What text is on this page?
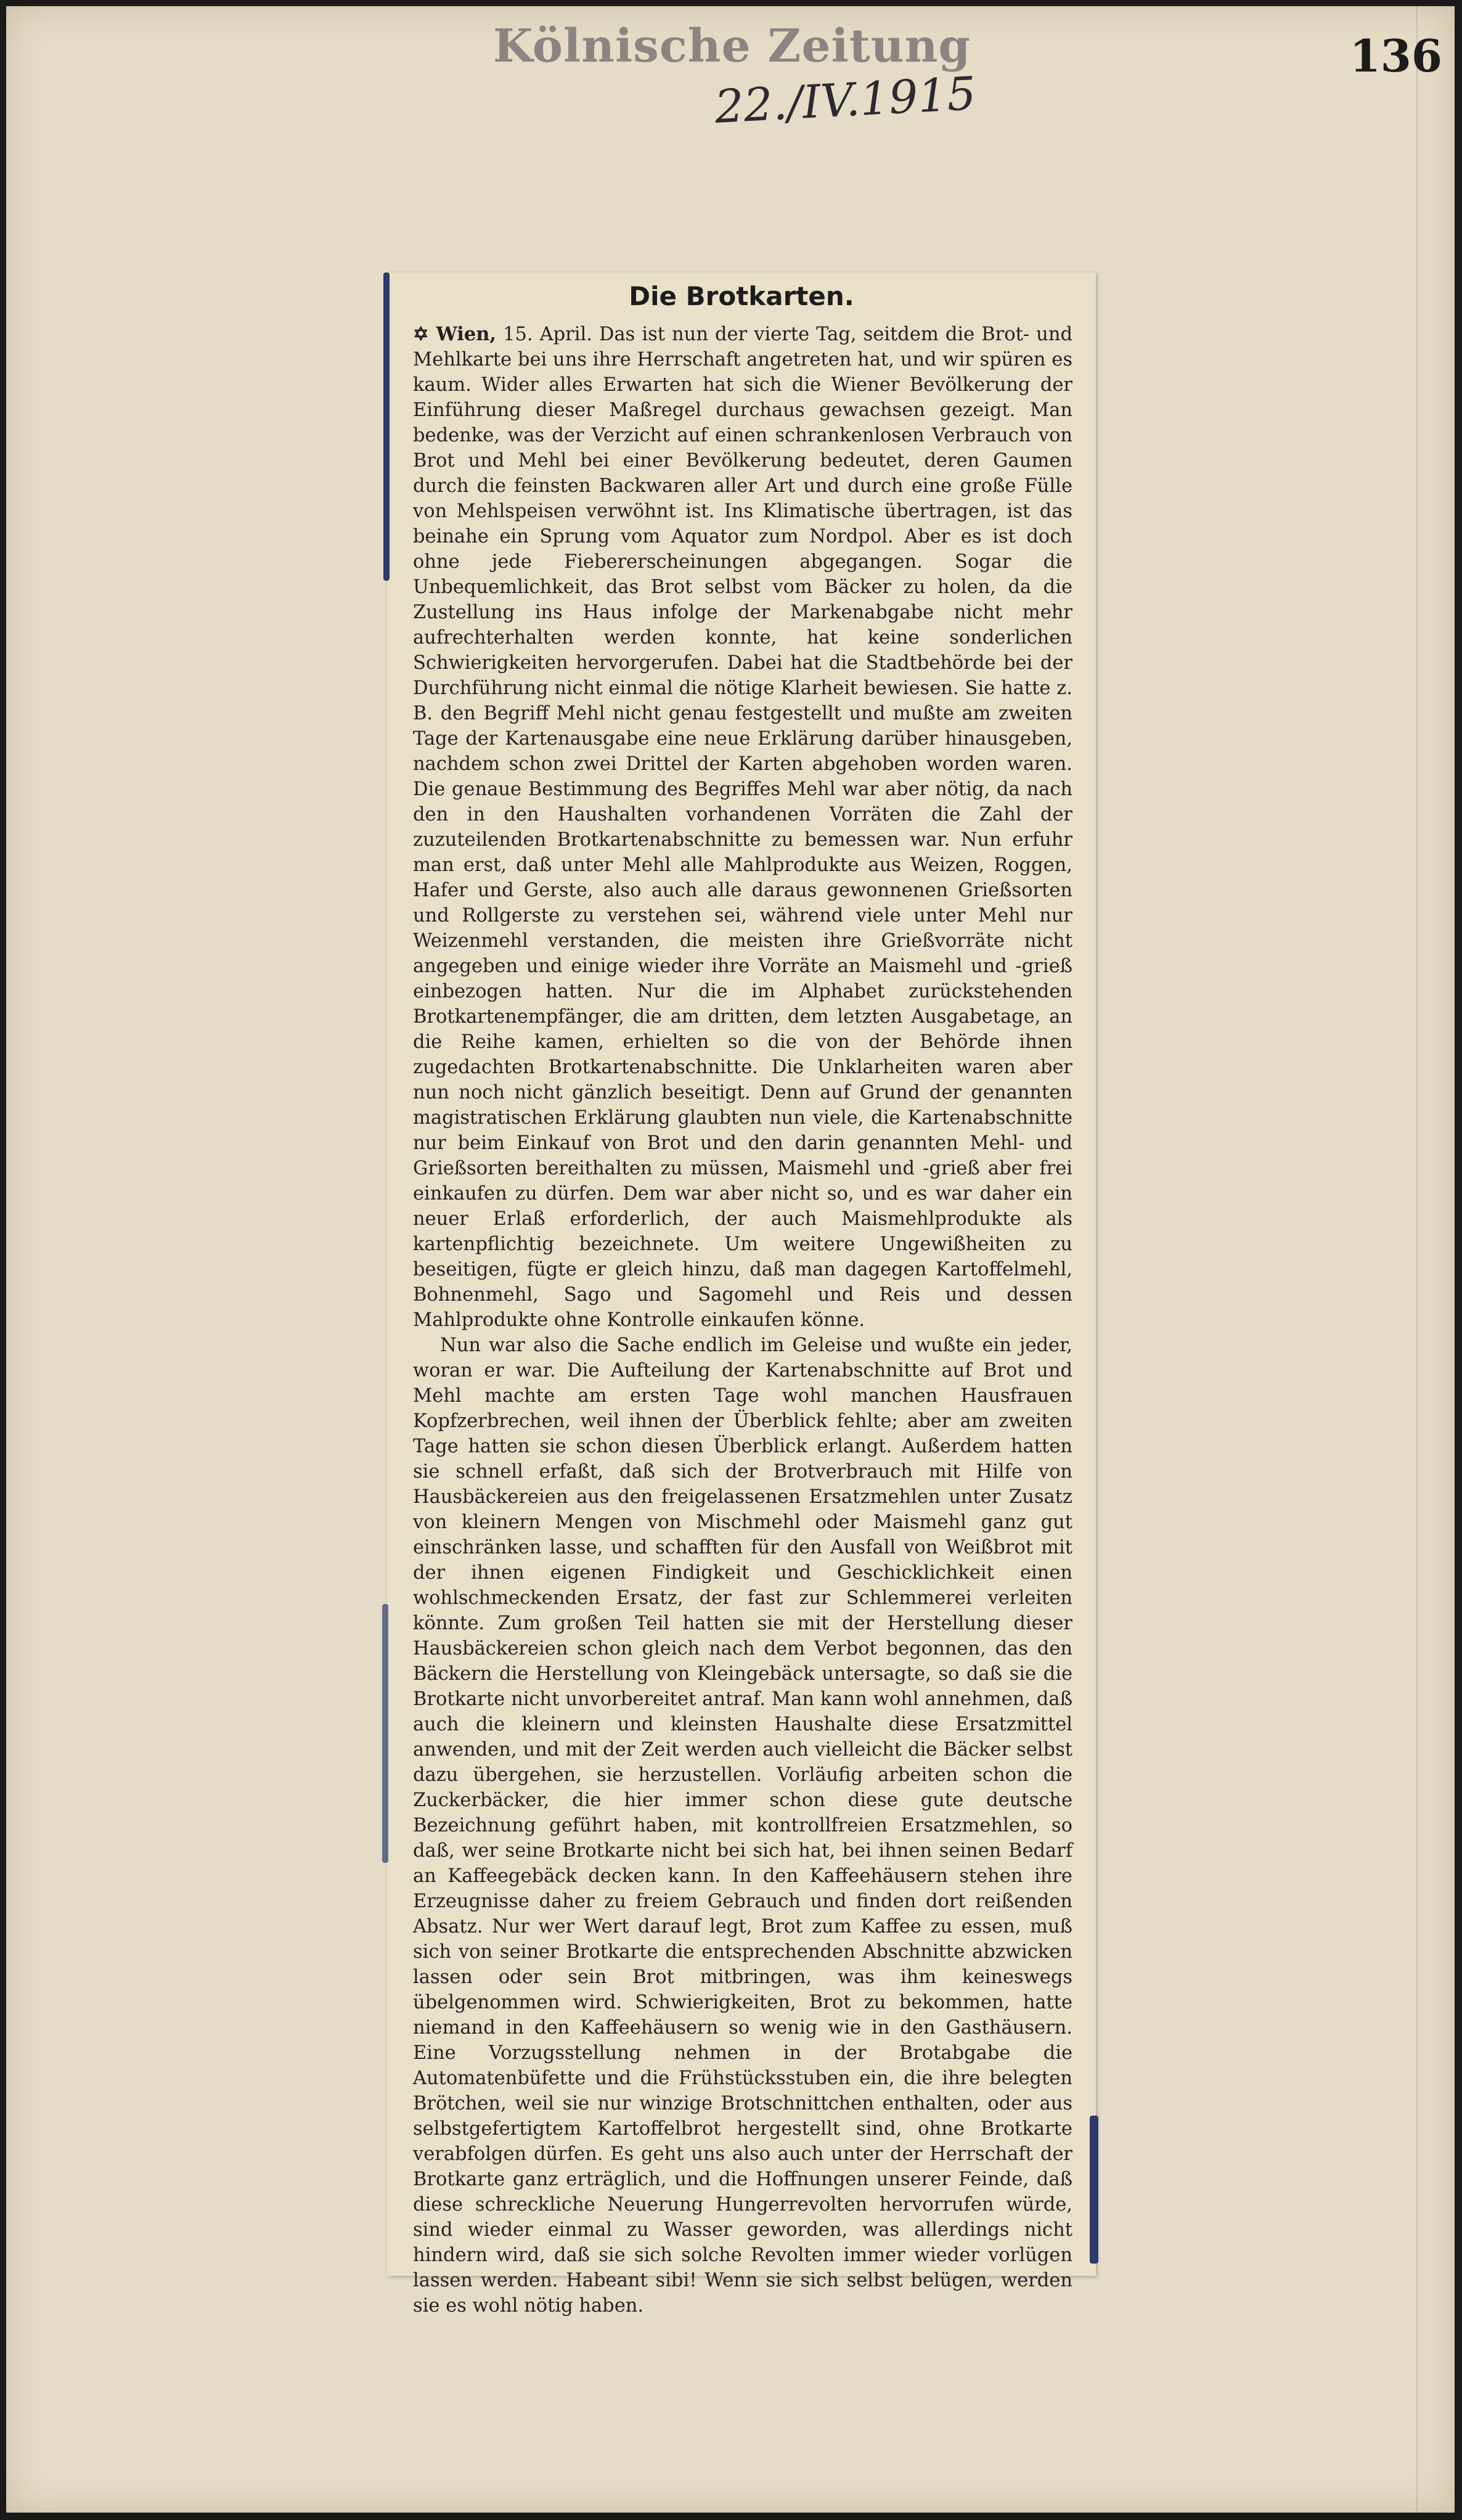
Kölnische Zeitung
22./IV.1915
136
Die Brotkarten.

✡ Wien, 15. April. Das ist nun der vierte Tag, seitdem die Brot- und Mehlkarte bei uns ihre Herrschaft angetreten hat, und wir spüren es kaum. Wider alles Erwarten hat sich die Wiener Bevölkerung der Einführung dieser Maßregel durchaus gewachsen gezeigt. Man bedenke, was der Verzicht auf einen schrankenlosen Verbrauch von Brot und Mehl bei einer Bevölkerung bedeutet, deren Gaumen durch die feinsten Backwaren aller Art und durch eine große Fülle von Mehlspeisen verwöhnt ist. Ins Klimatische übertragen, ist das beinahe ein Sprung vom Aquator zum Nordpol. Aber es ist doch ohne jede Fiebererscheinungen abgegangen. Sogar die Unbequemlichkeit, das Brot selbst vom Bäcker zu holen, da die Zustellung ins Haus infolge der Markenabgabe nicht mehr aufrechterhalten werden konnte, hat keine sonderlichen Schwierigkeiten hervorgerufen. Dabei hat die Stadtbehörde bei der Durchführung nicht einmal die nötige Klarheit bewiesen. Sie hatte z. B. den Begriff Mehl nicht genau festgestellt und mußte am zweiten Tage der Kartenausgabe eine neue Erklärung darüber hinausgeben, nachdem schon zwei Drittel der Karten abgehoben worden waren. Die genaue Bestimmung des Begriffes Mehl war aber nötig, da nach den in den Haushalten vorhandenen Vorräten die Zahl der zuzuteilenden Brotkartenabschnitte zu bemessen war. Nun erfuhr man erst, daß unter Mehl alle Mahlprodukte aus Weizen, Roggen, Hafer und Gerste, also auch alle daraus gewonnenen Grießsorten und Rollgerste zu verstehen sei, während viele unter Mehl nur Weizenmehl verstanden, die meisten ihre Grießvorräte nicht angegeben und einige wieder ihre Vorräte an Maismehl und -grieß einbezogen hatten. Nur die im Alphabet zurückstehenden Brotkartenempfänger, die am dritten, dem letzten Ausgabetage, an die Reihe kamen, erhielten so die von der Behörde ihnen zugedachten Brotkartenabschnitte. Die Unklarheiten waren aber nun noch nicht gänzlich beseitigt. Denn auf Grund der genannten magistratischen Erklärung glaubten nun viele, die Kartenabschnitte nur beim Einkauf von Brot und den darin genannten Mehl- und Grießsorten bereithalten zu müssen, Maismehl und -grieß aber frei einkaufen zu dürfen. Dem war aber nicht so, und es war daher ein neuer Erlaß erforderlich, der auch Maismehlprodukte als kartenpflichtig bezeichnete. Um weitere Ungewißheiten zu beseitigen, fügte er gleich hinzu, daß man dagegen Kartoffelmehl, Bohnenmehl, Sago und Sagomehl und Reis und dessen Mahlprodukte ohne Kontrolle einkaufen könne.

Nun war also die Sache endlich im Geleise und wußte ein jeder, woran er war. Die Aufteilung der Kartenabschnitte auf Brot und Mehl machte am ersten Tage wohl manchen Hausfrauen Kopfzerbrechen, weil ihnen der Überblick fehlte; aber am zweiten Tage hatten sie schon diesen Überblick erlangt. Außerdem hatten sie schnell erfaßt, daß sich der Brotverbrauch mit Hilfe von Hausbäckereien aus den freigelassenen Ersatzmehlen unter Zusatz von kleinern Mengen von Mischmehl oder Maismehl ganz gut einschränken lasse, und schafften für den Ausfall von Weißbrot mit der ihnen eigenen Findigkeit und Geschicklichkeit einen wohlschmeckenden Ersatz, der fast zur Schlemmerei verleiten könnte. Zum großen Teil hatten sie mit der Herstellung dieser Hausbäckereien schon gleich nach dem Verbot begonnen, das den Bäckern die Herstellung von Kleingebäck untersagte, so daß sie die Brotkarte nicht unvorbereitet antraf. Man kann wohl annehmen, daß auch die kleinern und kleinsten Haushalte diese Ersatzmittel anwenden, und mit der Zeit werden auch vielleicht die Bäcker selbst dazu übergehen, sie herzustellen. Vorläufig arbeiten schon die Zuckerbäcker, die hier immer schon diese gute deutsche Bezeichnung geführt haben, mit kontrollfreien Ersatzmehlen, so daß, wer seine Brotkarte nicht bei sich hat, bei ihnen seinen Bedarf an Kaffeegebäck decken kann. In den Kaffeehäusern stehen ihre Erzeugnisse daher zu freiem Gebrauch und finden dort reißenden Absatz. Nur wer Wert darauf legt, Brot zum Kaffee zu essen, muß sich von seiner Brotkarte die entsprechenden Abschnitte abzwicken lassen oder sein Brot mitbringen, was ihm keineswegs übelgenommen wird. Schwierigkeiten, Brot zu bekommen, hatte niemand in den Kaffeehäusern so wenig wie in den Gasthäusern. Eine Vorzugsstellung nehmen in der Brotabgabe die Automatenbüfette und die Frühstücksstuben ein, die ihre belegten Brötchen, weil sie nur winzige Brotschnittchen enthalten, oder aus selbstgefertigtem Kartoffelbrot hergestellt sind, ohne Brotkarte verabfolgen dürfen. Es geht uns also auch unter der Herrschaft der Brotkarte ganz erträglich, und die Hoffnungen unserer Feinde, daß diese schreckliche Neuerung Hungerrevolten hervorrufen würde, sind wieder einmal zu Wasser geworden, was allerdings nicht hindern wird, daß sie sich solche Revolten immer wieder vorlügen lassen werden. Habeant sibi! Wenn sie sich selbst belügen, werden sie es wohl nötig haben.
